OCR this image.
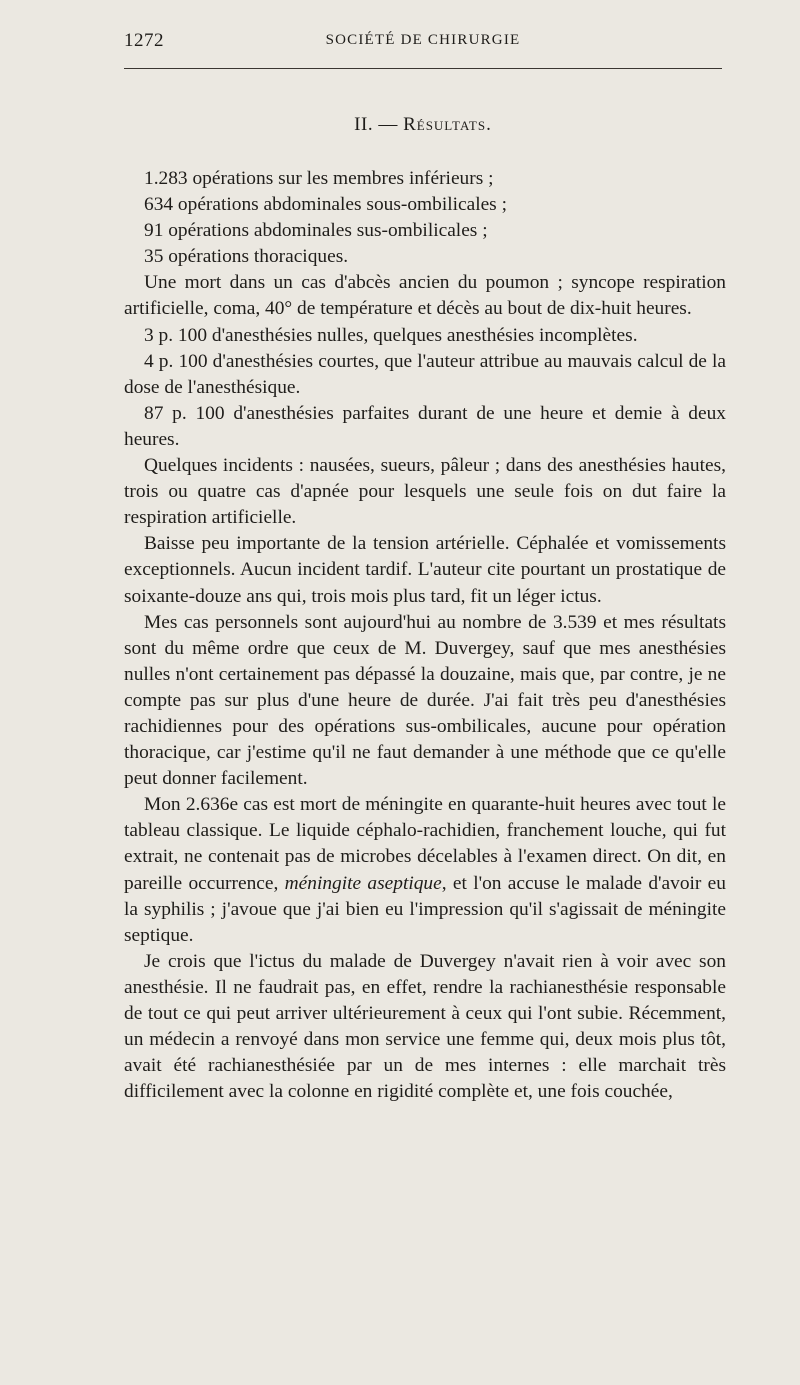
1272	SOCIÉTÉ DE CHIRURGIE
II. — Résultats.
1.283 opérations sur les membres inférieurs ;
634 opérations abdominales sous-ombilicales ;
91 opérations abdominales sus-ombilicales ;
35 opérations thoraciques.

Une mort dans un cas d'abcès ancien du poumon ; syncope respiration artificielle, coma, 40° de température et décès au bout de dix-huit heures.

3 p. 100 d'anesthésies nulles, quelques anesthésies incomplètes.

4 p. 100 d'anesthésies courtes, que l'auteur attribue au mauvais calcul de la dose de l'anesthésique.

87 p. 100 d'anesthésies parfaites durant de une heure et demie à deux heures.

Quelques incidents : nausées, sueurs, pâleur ; dans des anesthésies hautes, trois ou quatre cas d'apnée pour lesquels une seule fois on dut faire la respiration artificielle.

Baisse peu importante de la tension artérielle. Céphalée et vomissements exceptionnels. Aucun incident tardif. L'auteur cite pourtant un prostatique de soixante-douze ans qui, trois mois plus tard, fit un léger ictus.

Mes cas personnels sont aujourd'hui au nombre de 3.539 et mes résultats sont du même ordre que ceux de M. Duvergey, sauf que mes anesthésies nulles n'ont certainement pas dépassé la douzaine, mais que, par contre, je ne compte pas sur plus d'une heure de durée. J'ai fait très peu d'anesthésies rachidiennes pour des opérations sus-ombilicales, aucune pour opération thoracique, car j'estime qu'il ne faut demander à une méthode que ce qu'elle peut donner facilement.

Mon 2.636e cas est mort de méningite en quarante-huit heures avec tout le tableau classique. Le liquide céphalo-rachidien, franchement louche, qui fut extrait, ne contenait pas de microbes décelables à l'examen direct. On dit, en pareille occurrence, méningite aseptique, et l'on accuse le malade d'avoir eu la syphilis ; j'avoue que j'ai bien eu l'impression qu'il s'agissait de méningite septique.

Je crois que l'ictus du malade de Duvergey n'avait rien à voir avec son anesthésie. Il ne faudrait pas, en effet, rendre la rachianesthésie responsable de tout ce qui peut arriver ultérieurement à ceux qui l'ont subie. Récemment, un médecin a renvoyé dans mon service une femme qui, deux mois plus tôt, avait été rachianesthésiée par un de mes internes : elle marchait très difficilement avec la colonne en rigidité complète et, une fois couchée,
